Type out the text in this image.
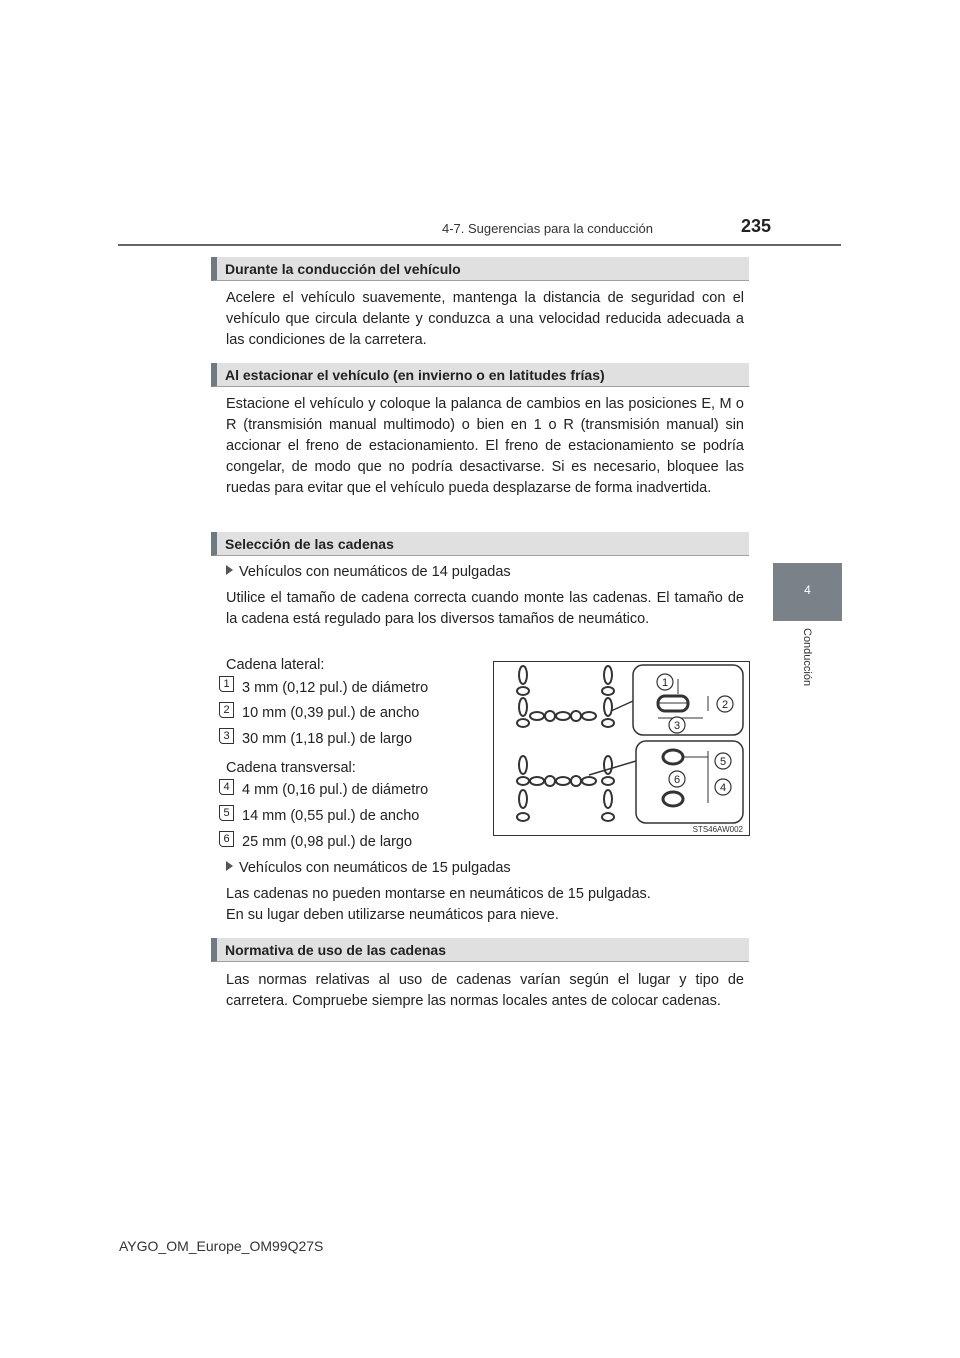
4-7. Sugerencias para la conducción	235
4
Conducción
Durante la conducción del vehículo

Acelere el vehículo suavemente, mantenga la distancia de seguridad con el vehículo que circula delante y conduzca a una velocidad reducida adecuada a las condiciones de la carretera.

Al estacionar el vehículo (en invierno o en latitudes frías)

Estacione el vehículo y coloque la palanca de cambios en las posiciones E, M o R (transmisión manual multimodo) o bien en 1 o R (transmisión manual) sin accionar el freno de estacionamiento. El freno de estacionamiento se podría congelar, de modo que no podría desactivarse. Si es necesario, bloquee las ruedas para evitar que el vehículo pueda desplazarse de forma inadvertida.

Selección de las cadenas
Vehículos con neumáticos de 14 pulgadas

Utilice el tamaño de cadena correcta cuando monte las cadenas. El tamaño de la cadena está regulado para los diversos tamaños de neumático.

Cadena lateral:
1 3 mm (0,12 pul.) de diámetro
2 10 mm (0,39 pul.) de ancho
3 30 mm (1,18 pul.) de largo
Cadena transversal:
4 4 mm (0,16 pul.) de diámetro
5 14 mm (0,55 pul.) de ancho
6 25 mm (0,98 pul.) de largo
1
2
3
5
6
4
STS46AW002
Vehículos con neumáticos de 15 pulgadas
Las cadenas no pueden montarse en neumáticos de 15 pulgadas.
En su lugar deben utilizarse neumáticos para nieve.
Normativa de uso de las cadenas

Las normas relativas al uso de cadenas varían según el lugar y tipo de carretera. Compruebe siempre las normas locales antes de colocar cadenas.

AYGO_OM_Europe_OM99Q27S
